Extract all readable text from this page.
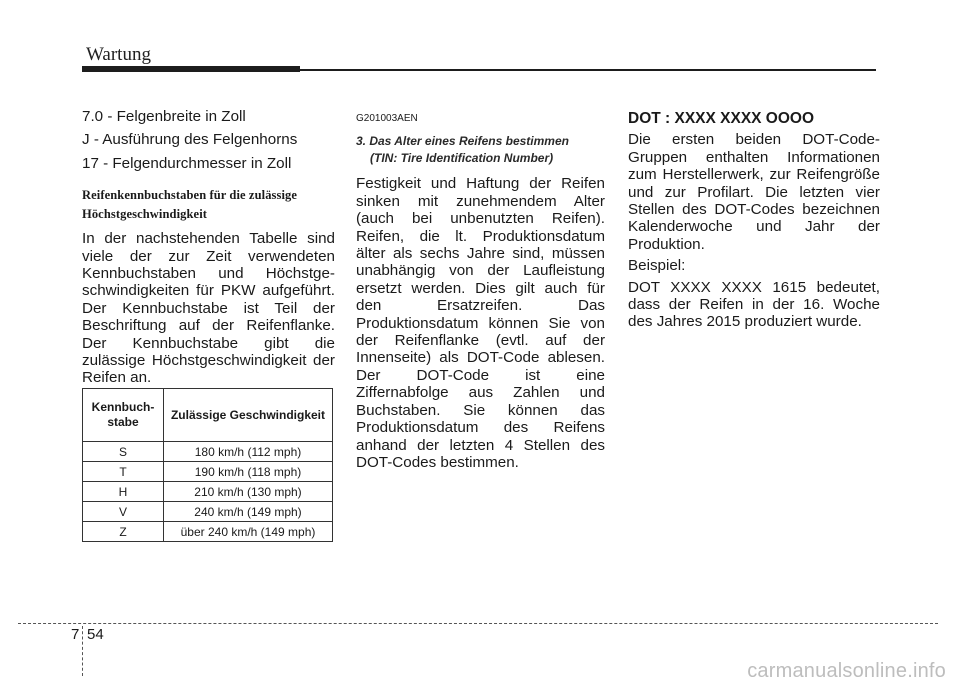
Wartung

7.0 - Felgenbreite in Zoll

J - Ausführung des Felgenhorns

17 - Felgendurchmesser in Zoll

Reifenkennbuchstaben für die zulässige Höchstgeschwindigkeit

In der nachstehenden Tabelle sind viele der zur Zeit verwendeten Kennbuchstaben und Höchstge-schwindigkeiten für PKW aufgeführt. Der Kennbuchstabe ist Teil der Beschriftung auf der Reifenflanke. Der Kennbuchstabe gibt die zulässige Höchstgeschwindigkeit der Reifen an.

Kennbuch-stabe	Zulässige Geschwindigkeit
S	180 km/h (112 mph)
T	190 km/h (118 mph)
H	210 km/h (130 mph)
V	240 km/h (149 mph)
Z	über 240 km/h (149 mph)

G201003AEN

3. Das Alter eines Reifens bestimmen
(TIN: Tire Identification Number)

Festigkeit und Haftung der Reifen sinken mit zunehmendem Alter (auch bei unbenutzten Reifen). Reifen, die lt. Produktionsdatum älter als sechs Jahre sind, müssen unabhängig von der Laufleistung ersetzt werden. Dies gilt auch für den Ersatzreifen. Das Produktionsdatum können Sie von der Reifenflanke (evtl. auf der Innenseite) als DOT-Code ablesen. Der DOT-Code ist eine Ziffernabfolge aus Zahlen und Buchstaben. Sie können das Produktionsdatum des Reifens anhand der letzten 4 Stellen des DOT-Codes bestimmen.

DOT : XXXX XXXX OOOO

Die ersten beiden DOT-Code-Gruppen enthalten Informationen zum Herstellerwerk, zur Reifengröße und zur Profilart. Die letzten vier Stellen des DOT-Codes bezeichnen Kalenderwoche und Jahr der Produktion.

Beispiel:

DOT XXXX XXXX 1615 bedeutet, dass der Reifen in der 16. Woche des Jahres 2015 produziert wurde.

7 54
carmanualsonline.info
